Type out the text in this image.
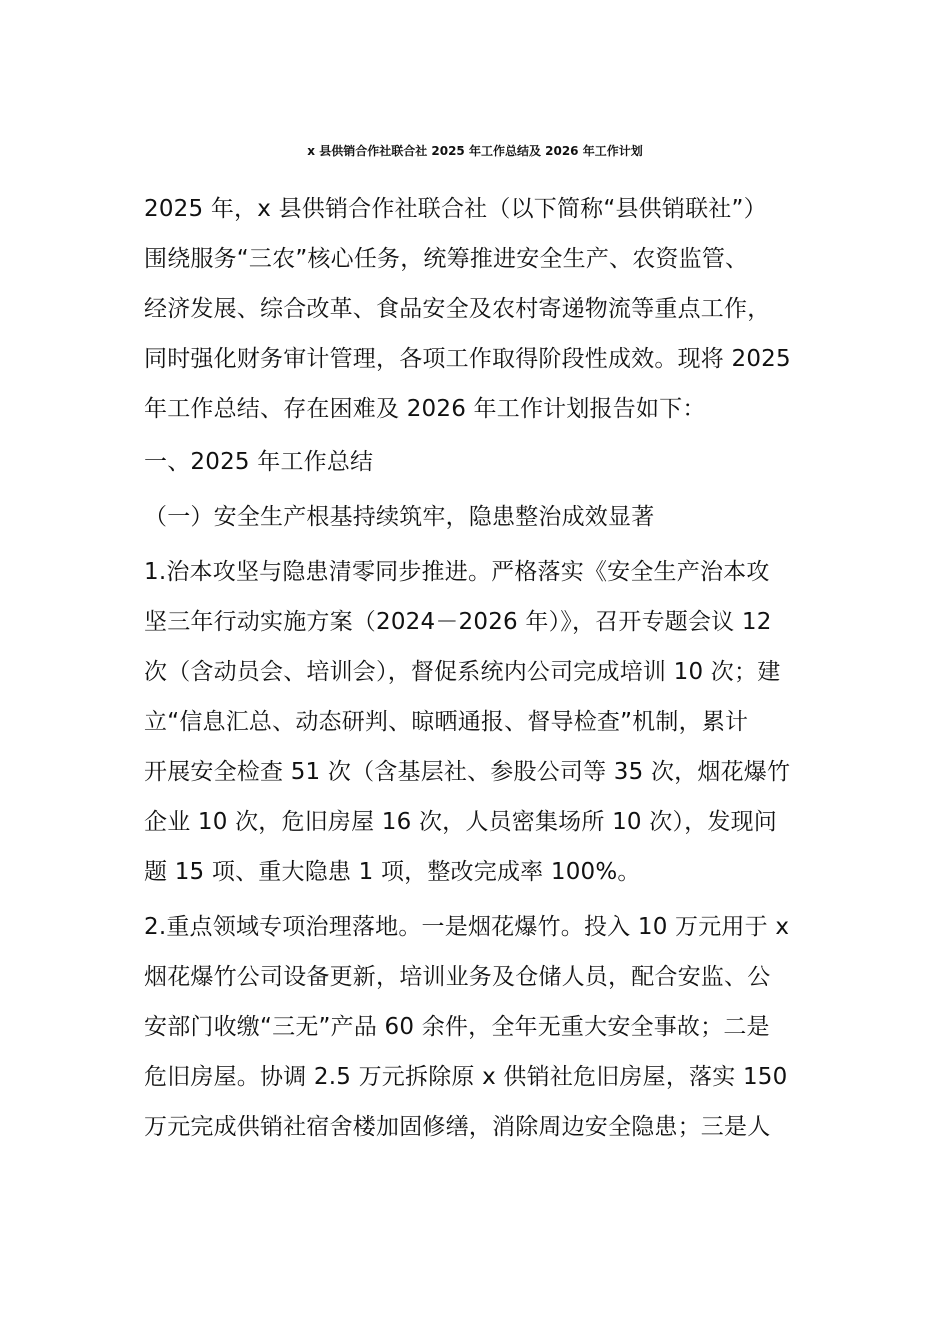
x 县供销合作社联合社 2025 年工作总结及 2026 年工作计划
2025 年，x 县供销合作社联合社（以下简称“县供销联社”）
围绕服务“三农”核心任务，统筹推进安全生产、农资监管、
经济发展、综合改革、食品安全及农村寄递物流等重点工作，
同时强化财务审计管理，各项工作取得阶段性成效。现将 2025
年工作总结、存在困难及 2026 年工作计划报告如下：
一、2025 年工作总结
（一）安全生产根基持续筑牢，隐患整治成效显著
1.治本攻坚与隐患清零同步推进。严格落实《安全生产治本攻
坚三年行动实施方案（2024－2026 年）》，召开专题会议 12
次（含动员会、培训会），督促系统内公司完成培训 10 次；建
立“信息汇总、动态研判、晾晒通报、督导检查”机制，累计
开展安全检查 51 次（含基层社、参股公司等 35 次，烟花爆竹
企业 10 次，危旧房屋 16 次，人员密集场所 10 次），发现问
题 15 项、重大隐患 1 项，整改完成率 100%。
2.重点领域专项治理落地。一是烟花爆竹。投入 10 万元用于 x
烟花爆竹公司设备更新，培训业务及仓储人员，配合安监、公
安部门收缴“三无”产品 60 余件，全年无重大安全事故；二是
危旧房屋。协调 2.5 万元拆除原 x 供销社危旧房屋，落实 150
万元完成供销社宿舍楼加固修缮，消除周边安全隐患；三是人
